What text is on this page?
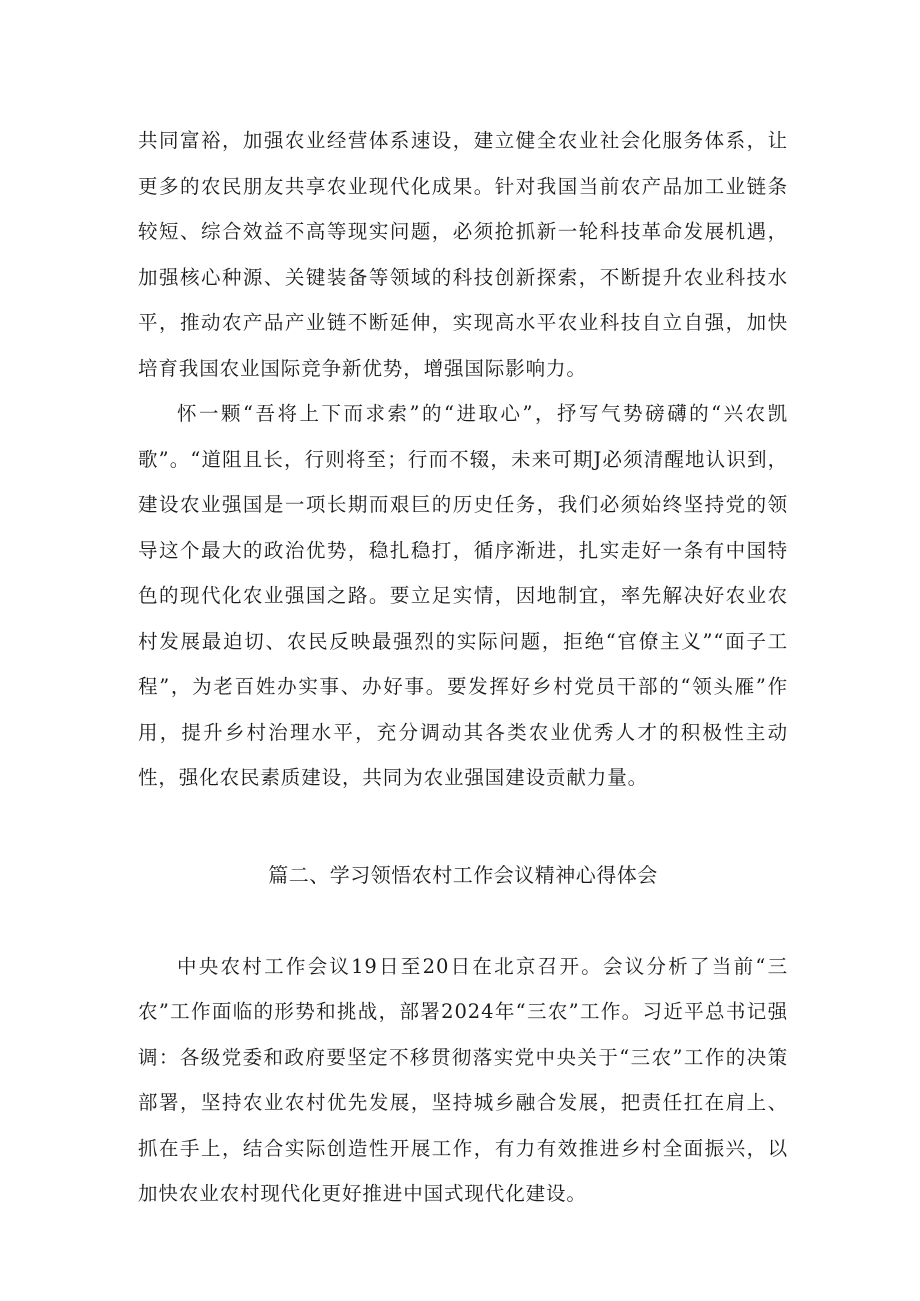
共同富裕，加强农业经营体系速设，建立健全农业社会化服务体系，让更多的农民朋友共享农业现代化成果。针对我国当前农产品加工业链条较短、综合效益不高等现实问题，必须抢抓新一轮科技革命发展机遇，加强核心种源、关键装备等领域的科技创新探索，不断提升农业科技水平，推动农产品产业链不断延伸，实现高水平农业科技自立自强，加快培育我国农业国际竞争新优势，增强国际影响力。

怀一颗“吾将上下而求索”的“进取心”，抒写气势磅礴的“兴农凯歌”。“道阻且长，行则将至；行而不辍，未来可期J必须清醒地认识到，建设农业强国是一项长期而艰巨的历史任务，我们必须始终坚持党的领导这个最大的政治优势，稳扎稳打，循序渐进，扎实走好一条有中国特色的现代化农业强国之路。要立足实情，因地制宜，率先解决好农业农村发展最迫切、农民反映最强烈的实际问题，拒绝“官僚主义”“面子工程”，为老百姓办实事、办好事。要发挥好乡村党员干部的“领头雁”作用，提升乡村治理水平，充分调动其各类农业优秀人才的积极性主动性，强化农民素质建设，共同为农业强国建设贡献力量。

篇二、学习领悟农村工作会议精神心得体会

中央农村工作会议19日至20日在北京召开。会议分析了当前“三农”工作面临的形势和挑战，部署2024年“三农”工作。习近平总书记强调：各级党委和政府要坚定不移贯彻落实党中央关于“三农”工作的决策部署，坚持农业农村优先发展，坚持城乡融合发展，把责任扛在肩上、抓在手上，结合实际创造性开展工作，有力有效推进乡村全面振兴，以加快农业农村现代化更好推进中国式现代化建设。
